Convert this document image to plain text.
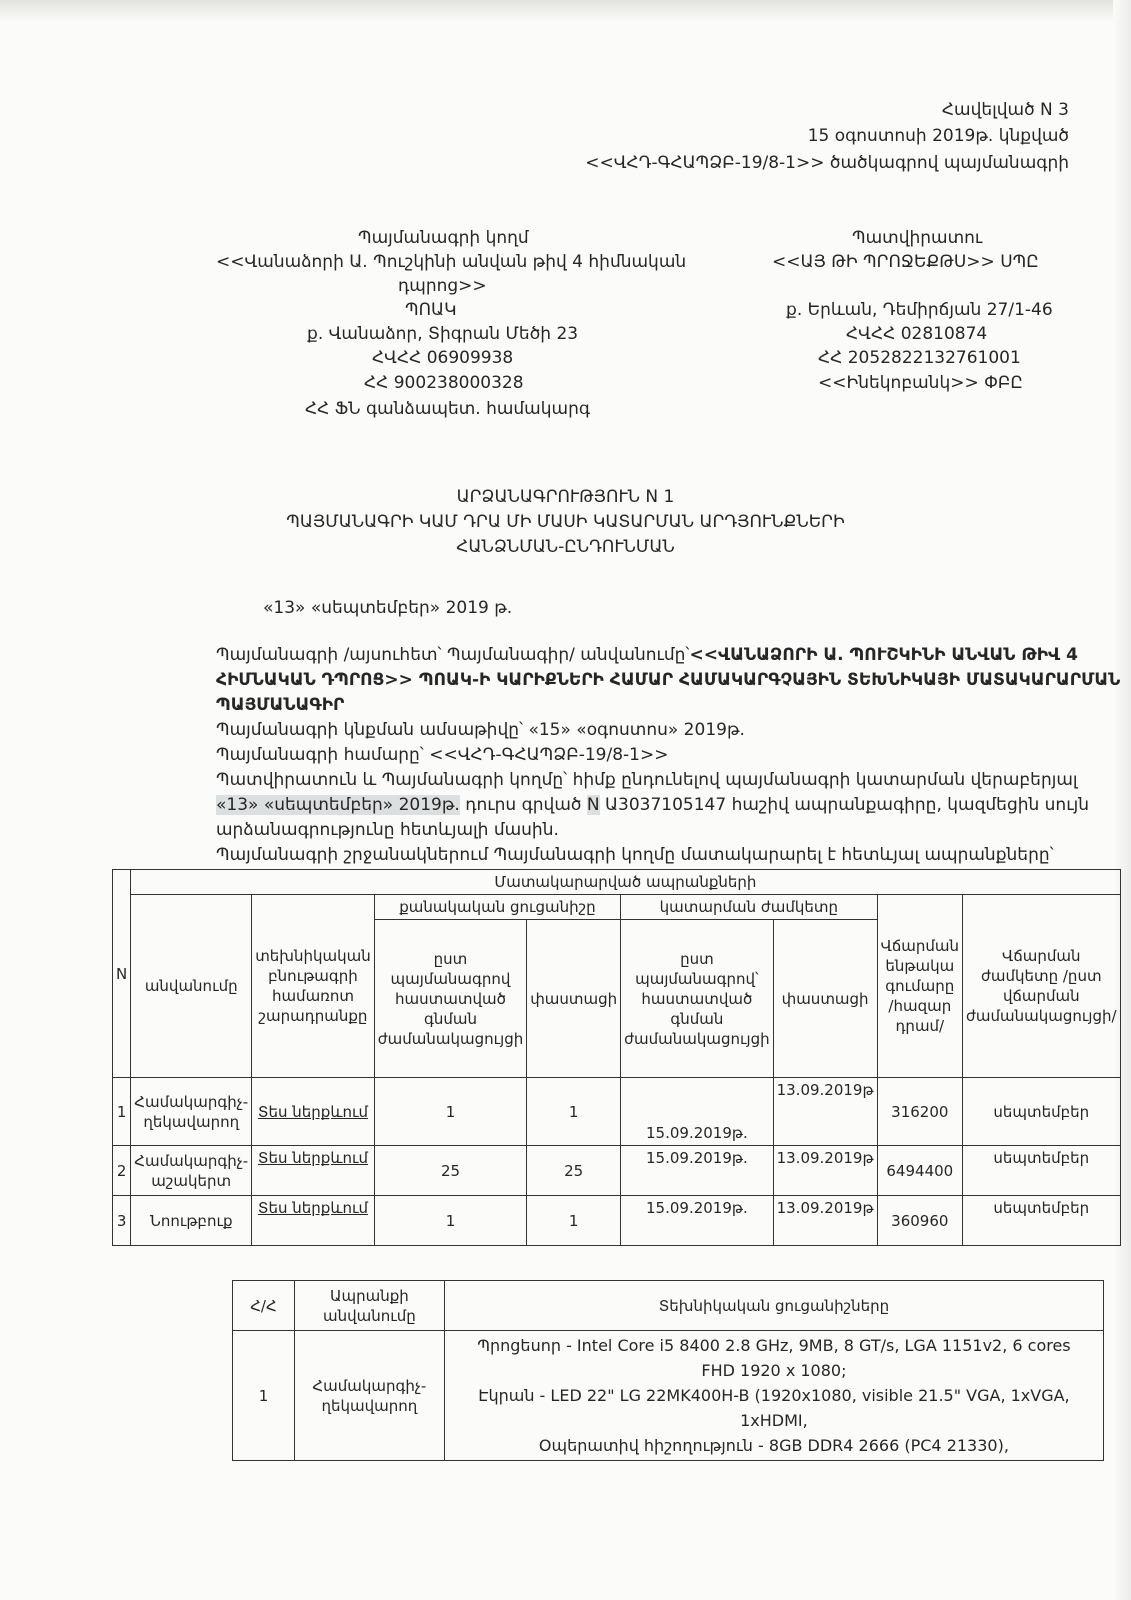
Հավելված N 3
15 օգոստոսի 2019թ. կնքված
<<ՎՀԴ-ԳՀԱՊՁԲ-19/8-1>> ծածկագրով պայմանագրի
Պայմանագրի կողմ
<<Վանաձորի Ա. Պուշկինի անվան թիվ 4 հիմնական
դպրոց>>
ՊՈԱԿ
ք. Վանաձոր, Տիգրան Մեծի 23
ՀՎՀՀ 06909938
ՀՀ 900238000328
ՀՀ ՖՆ գանձապետ. համակարգ
Պատվիրատու
<<ԱՅ ԹԻ ՊՐՈՋԵՔԹՍ>> ՍՊԸ
ք. Երևան, Դեմիրճյան 27/1-46
ՀՎՀՀ 02810874
ՀՀ 2052822132761001
<<Ինեկոբանկ>> ՓԲԸ
ԱՐՁԱՆԱԳՐՈՒԹՅՈՒՆ N 1
ՊԱՅՄԱՆԱԳՐԻ ԿԱՄ ԴՐԱ ՄԻ ՄԱՍԻ ԿԱՏԱՐՄԱՆ ԱՐԴՅՈՒՆՔՆԵՐԻ
ՀԱՆՁՆՄԱՆ-ԸՆԴՈՒՆՄԱՆ
«13» «սեպտեմբեր» 2019 թ.
Պայմանագրի /այսուհետ՝ Պայմանագիր/ անվանումը՝<<ՎԱՆԱՁՈՐԻ Ա. ՊՈՒՇԿԻՆԻ ԱՆՎԱՆ ԹԻՎ 4
ՀԻՄՆԱԿԱՆ ԴՊՐՈՑ>> ՊՈԱԿ-Ի ԿԱՐԻՔՆԵՐԻ ՀԱՄԱՐ ՀԱՄԱԿԱՐԳՉԱՅԻՆ ՏԵԽՆԻԿԱՅԻ ՄԱՏԱԿԱՐԱՐՄԱՆ
ՊԱՅՄԱՆԱԳԻՐ
Պայմանագրի կնքման ամսաթիվը՝ «15» «օգոստոս» 2019թ.
Պայմանագրի համարը՝ <<ՎՀԴ-ԳՀԱՊՁԲ-19/8-1>>
Պատվիրատուն և Պայմանագրի կողմը՝ հիմք ընդունելով պայմանագրի կատարման վերաբերյալ
«13» «սեպտեմբեր» 2019թ. դուրս գրված N Ա3037105147 հաշիվ ապրանքագիրը, կազմեցին սույն
արձանագրությունը հետևյալի մասին.
Պայմանագրի շրջանակներում Պայմանագրի կողմը մատակարարել է հետևյալ ապրանքները՝
N	Մատակարարված ապրանքների							
	անվանումը	տեխնիկական բնութագրի համառոտ շարադրանքը	քանակական ցուցանիշը		կատարման ժամկետը		Վճարման ենթակա գումարը /հազար դրամ/	Վճարման ժամկետը /ըստ վճարման ժամանակացույցի/
			ըստ պայմանագրով հաստատված գնման ժամանակացույցի	փաստացի	ըստ պայմանագրով՝ հաստատված գնման ժամանակացույցի	փաստացի		
1	Համակարգիչ-ղեկավարող	Տես ներքևում	1	1	15.09.2019թ.	13.09.2019թ	316200	սեպտեմբեր
2	Համակարգիչ-աշակերտ	Տես ներքևում	25	25	15.09.2019թ.	13.09.2019թ	6494400	սեպտեմբեր
3	Նոութբուք	Տես ներքևում	1	1	15.09.2019թ.	13.09.2019թ	360960	սեպտեմբեր
Հ/Հ	Ապրանքի անվանումը	Տեխնիկական ցուցանիշները
1	Համակարգիչ-ղեկավարող	Պրոցեսոր - Intel Core i5 8400 2.8 GHz, 9MB, 8 GT/s, LGA 1151v2, 6 cores
FHD 1920 x 1080;
Էկրան - LED 22" LG 22MK400H-B (1920x1080, visible 21.5" VGA, 1xVGA,
1xHDMI,
Օպերատիվ հիշողություն - 8GB DDR4 2666 (PC4 21330),
